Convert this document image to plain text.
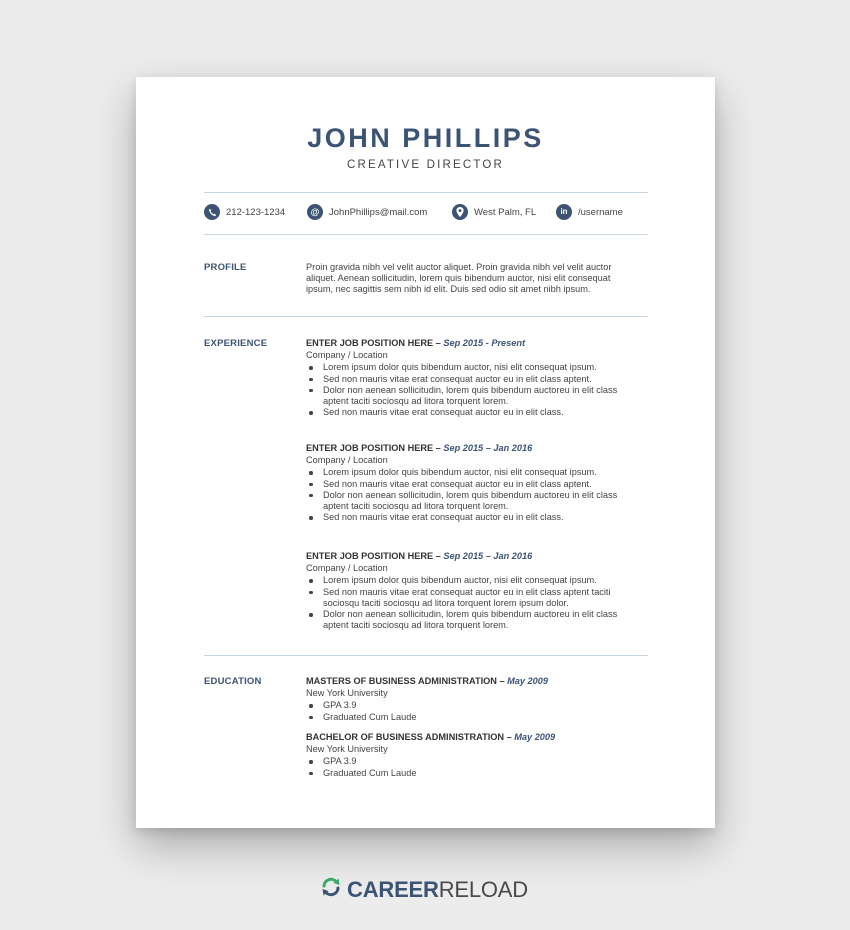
JOHN PHILLIPS
CREATIVE DIRECTOR
212-123-1234	@	JohnPhillips@mail.com	West Palm, FL	in	/username
PROFILE	Proin gravida nibh vel velit auctor aliquet. Proin gravida nibh vel velit auctor aliquet. Aenean sollicitudin, lorem quis bibendum auctor, nisi elit consequat ipsum, nec sagittis sem nibh id elit. Duis sed odio sit amet nibh ipsum.
EXPERIENCE	ENTER JOB POSITION HERE – Sep 2015 - Present
Company / Location
Lorem ipsum dolor quis bibendum auctor, nisi elit consequat ipsum.
Sed non mauris vitae erat consequat auctor eu in elit class aptent.
Dolor non aenean sollicitudin, lorem quis bibendum auctoreu in elit class aptent taciti sociosqu ad litora torquent lorem.
Sed non mauris vitae erat consequat auctor eu in elit class.
ENTER JOB POSITION HERE – Sep 2015 – Jan 2016
Company / Location
Lorem ipsum dolor quis bibendum auctor, nisi elit consequat ipsum.
Sed non mauris vitae erat consequat auctor eu in elit class aptent.
Dolor non aenean sollicitudin, lorem quis bibendum auctoreu in elit class aptent taciti sociosqu ad litora torquent lorem.
Sed non mauris vitae erat consequat auctor eu in elit class.
ENTER JOB POSITION HERE – Sep 2015 – Jan 2016
Company / Location
Lorem ipsum dolor quis bibendum auctor, nisi elit consequat ipsum.
Sed non mauris vitae erat consequat auctor eu in elit class aptent taciti sociosqu taciti sociosqu ad litora torquent lorem ipsum dolor.
Dolor non aenean sollicitudin, lorem quis bibendum auctoreu in elit class aptent taciti sociosqu ad litora torquent lorem.
EDUCATION	MASTERS OF BUSINESS ADMINISTRATION – May 2009
New York University
GPA 3.9
Graduated Cum Laude
BACHELOR OF BUSINESS ADMINISTRATION – May 2009
New York University
GPA 3.9
Graduated Cum Laude
CAREERRELOAD
